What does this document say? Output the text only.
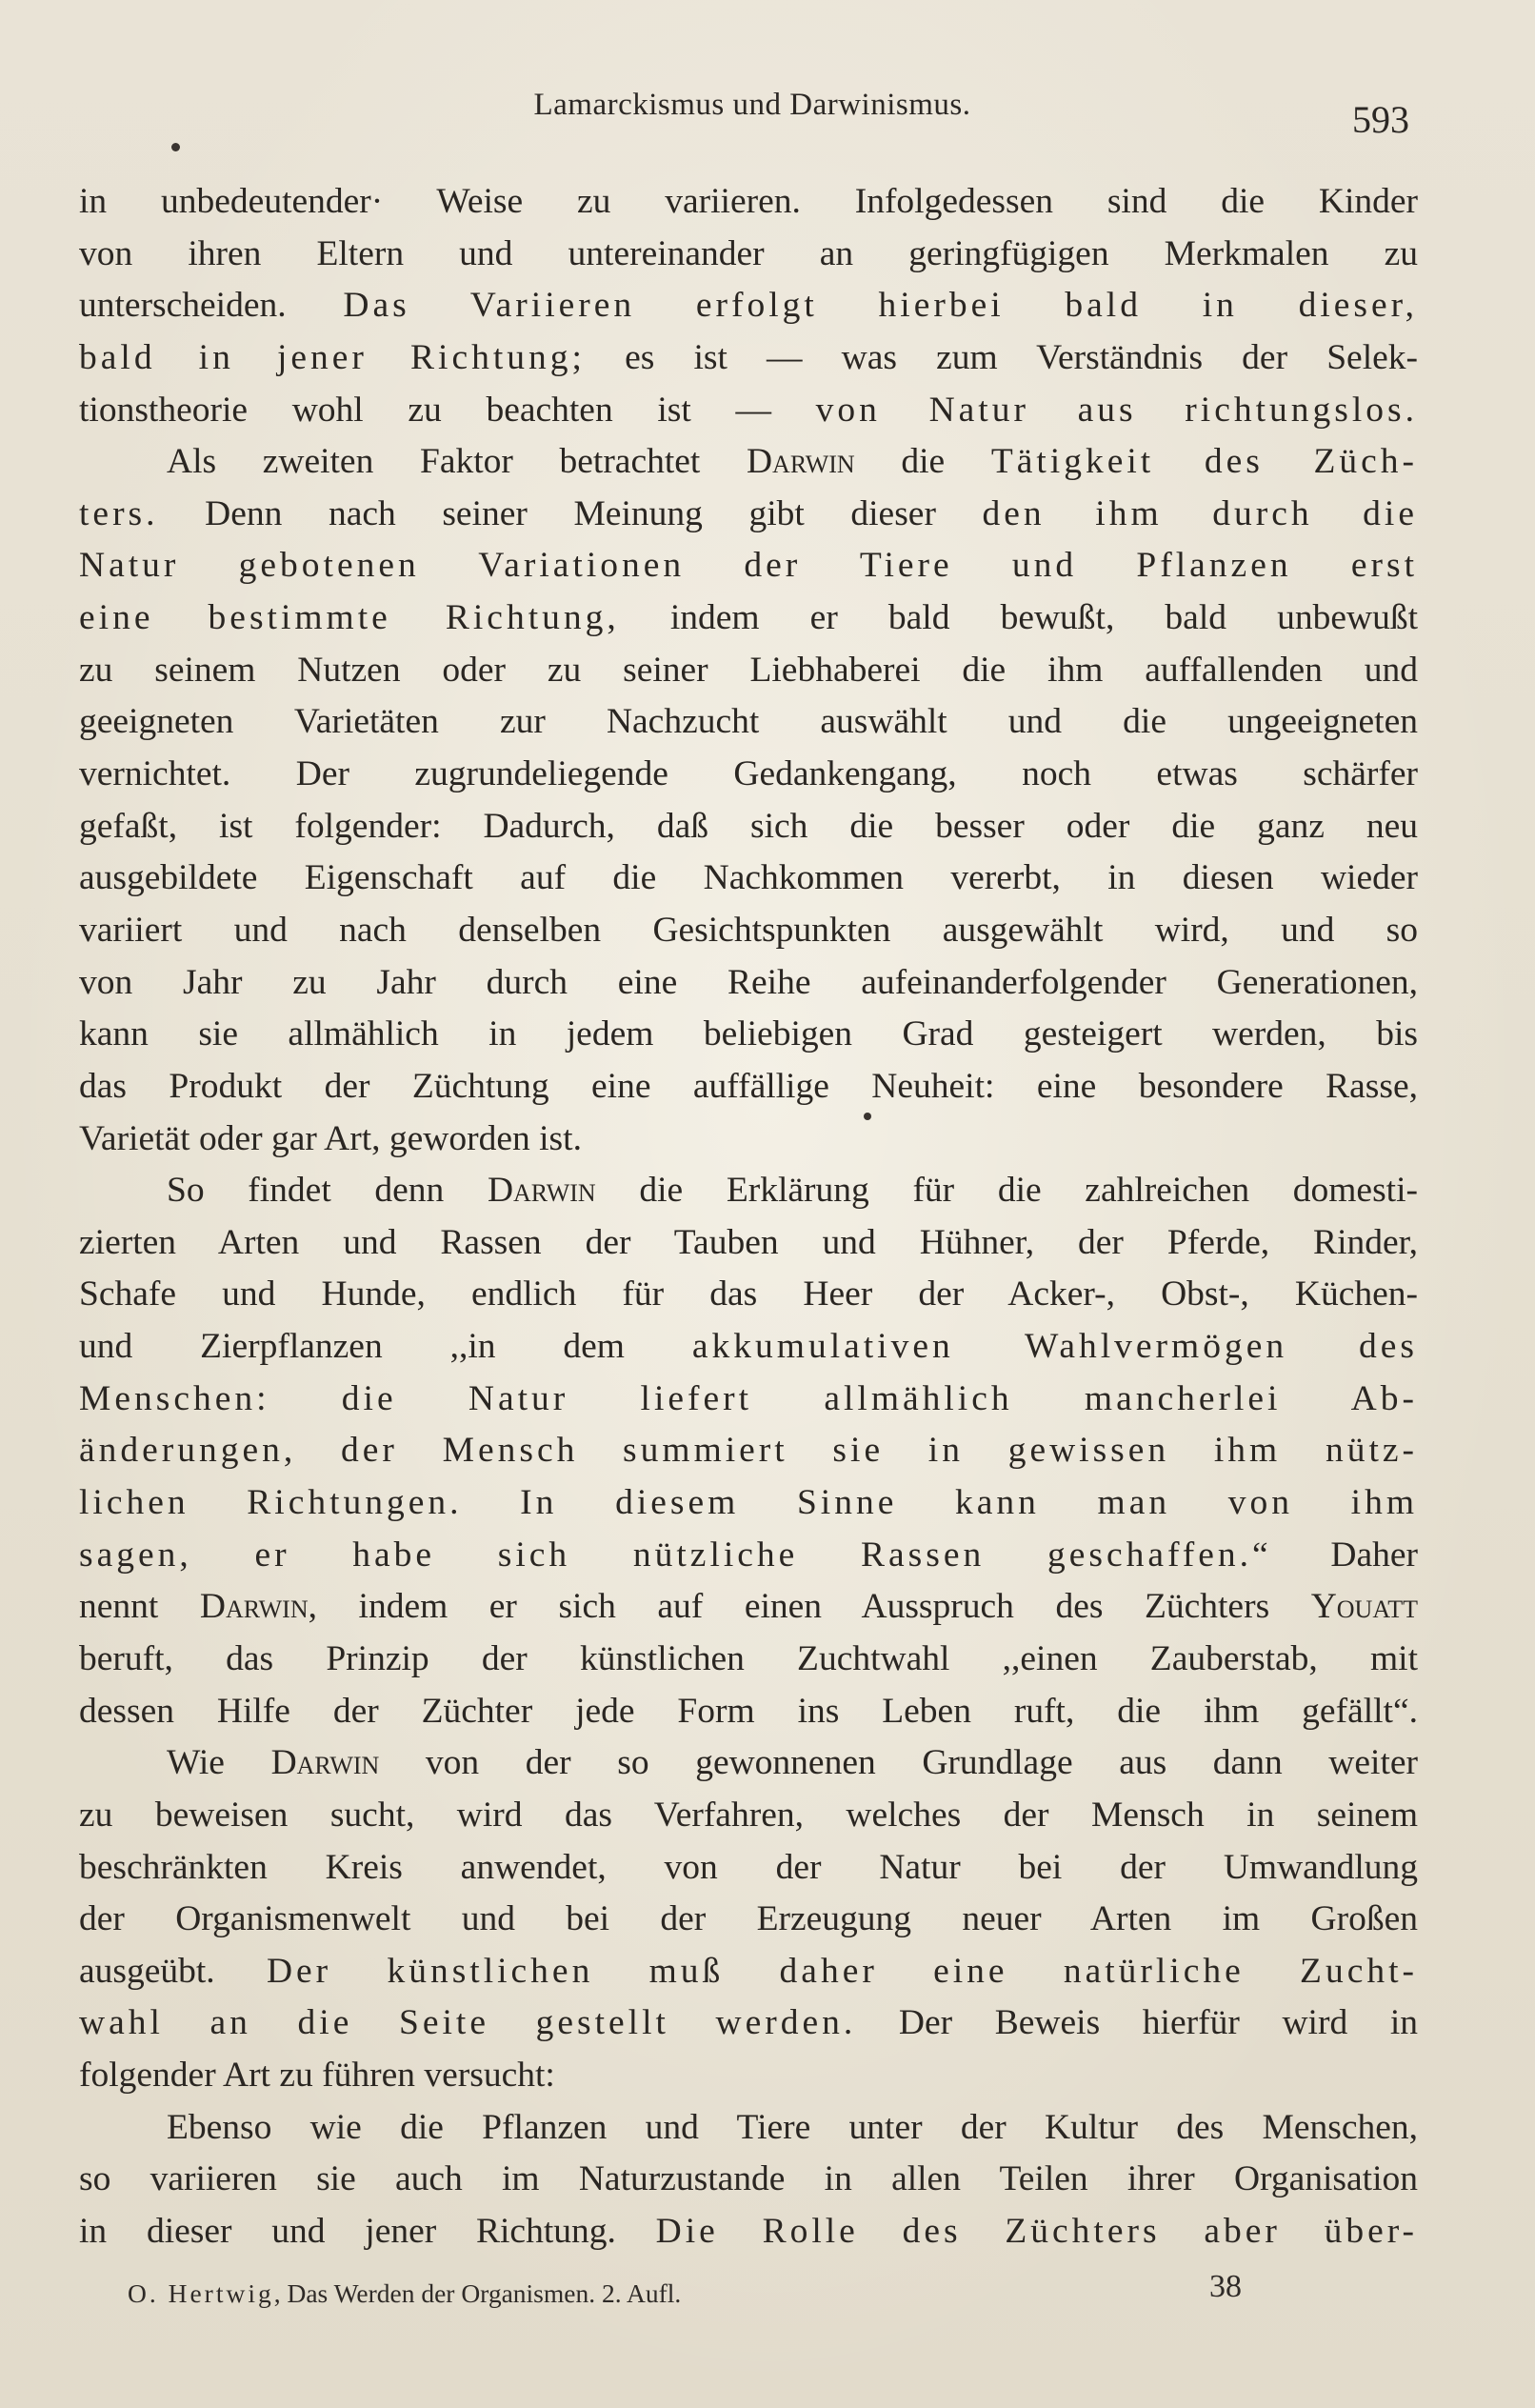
Lamarckismus und Darwinismus.	593
in unbedeutender· Weise zu variieren. Infolgedessen sind die Kinder
von ihren Eltern und untereinander an geringfügigen Merkmalen zu
unterscheiden. Das Variieren erfolgt hierbei bald in dieser,
bald in jener Richtung; es ist — was zum Verständnis der Selek-
tionstheorie wohl zu beachten ist — von Natur aus richtungslos.
Als zweiten Faktor betrachtet Darwin die Tätigkeit des Züch-
ters. Denn nach seiner Meinung gibt dieser den ihm durch die
Natur gebotenen Variationen der Tiere und Pflanzen erst
eine bestimmte Richtung, indem er bald bewußt, bald unbewußt
zu seinem Nutzen oder zu seiner Liebhaberei die ihm auffallenden und
geeigneten Varietäten zur Nachzucht auswählt und die ungeeigneten
vernichtet. Der zugrundeliegende Gedankengang, noch etwas schärfer
gefaßt, ist folgender: Dadurch, daß sich die besser oder die ganz neu
ausgebildete Eigenschaft auf die Nachkommen vererbt, in diesen wieder
variiert und nach denselben Gesichtspunkten ausgewählt wird, und so
von Jahr zu Jahr durch eine Reihe aufeinanderfolgender Generationen,
kann sie allmählich in jedem beliebigen Grad gesteigert werden, bis
das Produkt der Züchtung eine auffällige Neuheit: eine besondere Rasse,
Varietät oder gar Art, geworden ist.
So findet denn Darwin die Erklärung für die zahlreichen domesti-
zierten Arten und Rassen der Tauben und Hühner, der Pferde, Rinder,
Schafe und Hunde, endlich für das Heer der Acker-, Obst-, Küchen-
und Zierpflanzen ,,in dem akkumulativen Wahlvermögen des
Menschen: die Natur liefert allmählich mancherlei Ab-
änderungen, der Mensch summiert sie in gewissen ihm nütz-
lichen Richtungen. In diesem Sinne kann man von ihm
sagen, er habe sich nützliche Rassen geschaffen.“ Daher
nennt Darwin, indem er sich auf einen Ausspruch des Züchters Youatt
beruft, das Prinzip der künstlichen Zuchtwahl ,,einen Zauberstab, mit
dessen Hilfe der Züchter jede Form ins Leben ruft, die ihm gefällt“.
Wie Darwin von der so gewonnenen Grundlage aus dann weiter
zu beweisen sucht, wird das Verfahren, welches der Mensch in seinem
beschränkten Kreis anwendet, von der Natur bei der Umwandlung
der Organismenwelt und bei der Erzeugung neuer Arten im Großen
ausgeübt. Der künstlichen muß daher eine natürliche Zucht-
wahl an die Seite gestellt werden. Der Beweis hierfür wird in
folgender Art zu führen versucht:
Ebenso wie die Pflanzen und Tiere unter der Kultur des Menschen,
so variieren sie auch im Naturzustande in allen Teilen ihrer Organisation
in dieser und jener Richtung. Die Rolle des Züchters aber über-
O. Hertwig, Das Werden der Organismen. 2. Aufl.	38
